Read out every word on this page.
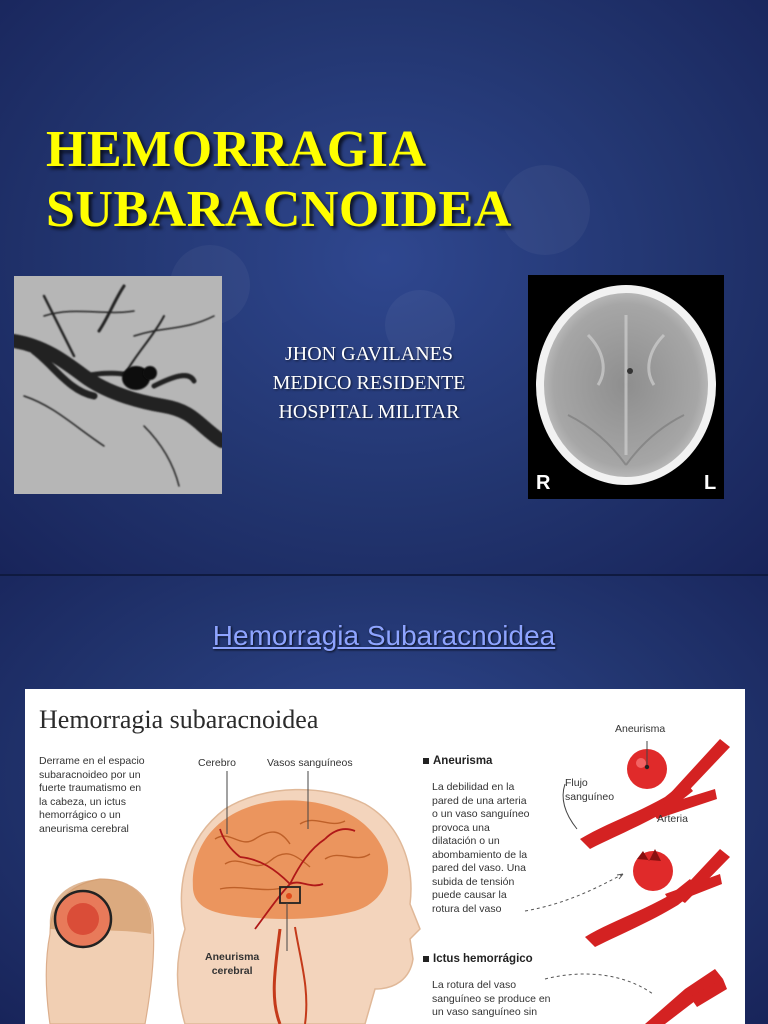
HEMORRAGIA
SUBARACNOIDEA
JHON GAVILANES
MEDICO RESIDENTE
HOSPITAL MILITAR
R	L
Hemorragia Subaracnoidea
Hemorragia subaracnoidea
Derrame en el espacio
subaracnoideo por un
fuerte traumatismo en
la cabeza, un ictus
hemorrágico o un
aneurisma cerebral
Cerebro	Vasos sanguíneos
Aneurisma
cerebral
Aneurisma
La debilidad en la
pared de una arteria
o un vaso sanguíneo
provoca una
dilatación o un
abombamiento de la
pared del vaso. Una
subida de tensión
puede causar la
rotura del vaso
Aneurisma
Flujo
sanguíneo
Arteria
Ictus hemorrágico
La rotura del vaso
sanguíneo se produce en
un vaso sanguíneo sin
